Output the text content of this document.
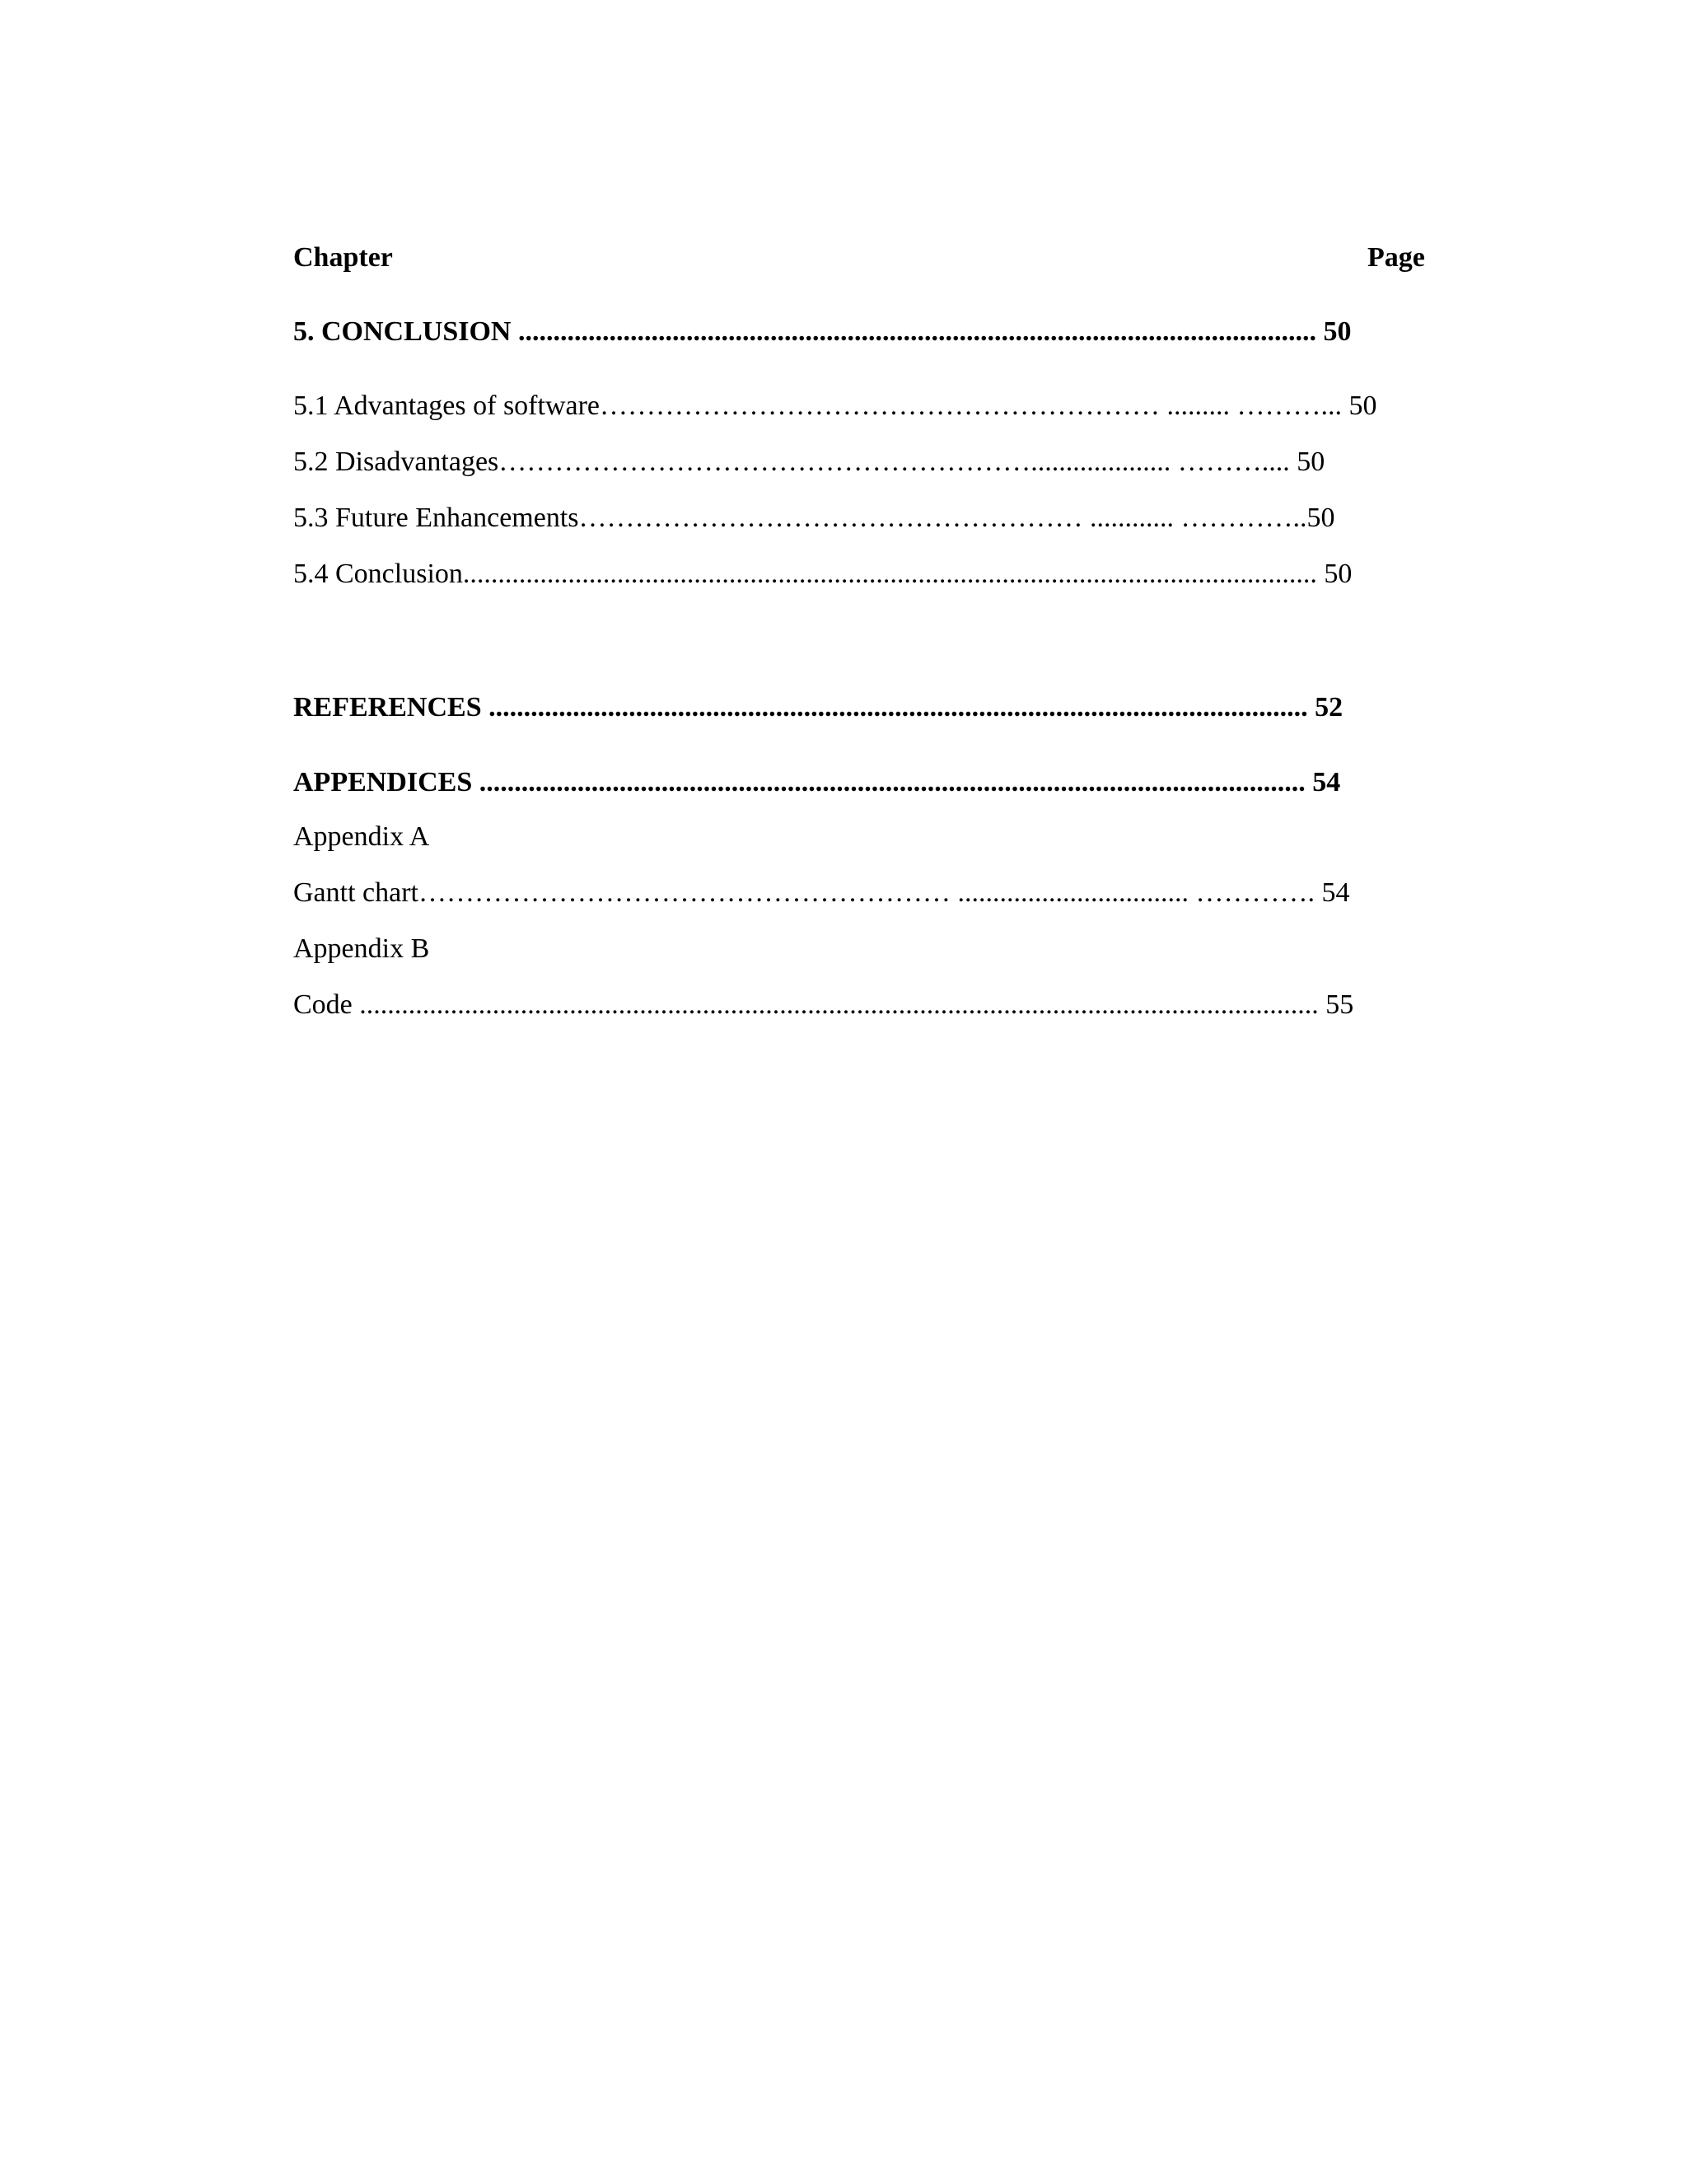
Chapter	Page

5. CONCLUSION .................................................................................................................. 50

5.1 Advantages of software…………………………………………………… ......... ………... 50

5.2 Disadvantages………………………………………………….................... ……….... 50

5.3 Future Enhancements……………………………………………… ............ …………..50

5.4 Conclusion.......................................................................................................................... 50

REFERENCES ..................................................................................................................... 52

APPENDICES ...................................................................................................................... 54

Appendix A

Gantt chart………………………………………………… ................................. …………. 54

Appendix B

Code ......................................................................................................................................... 55
